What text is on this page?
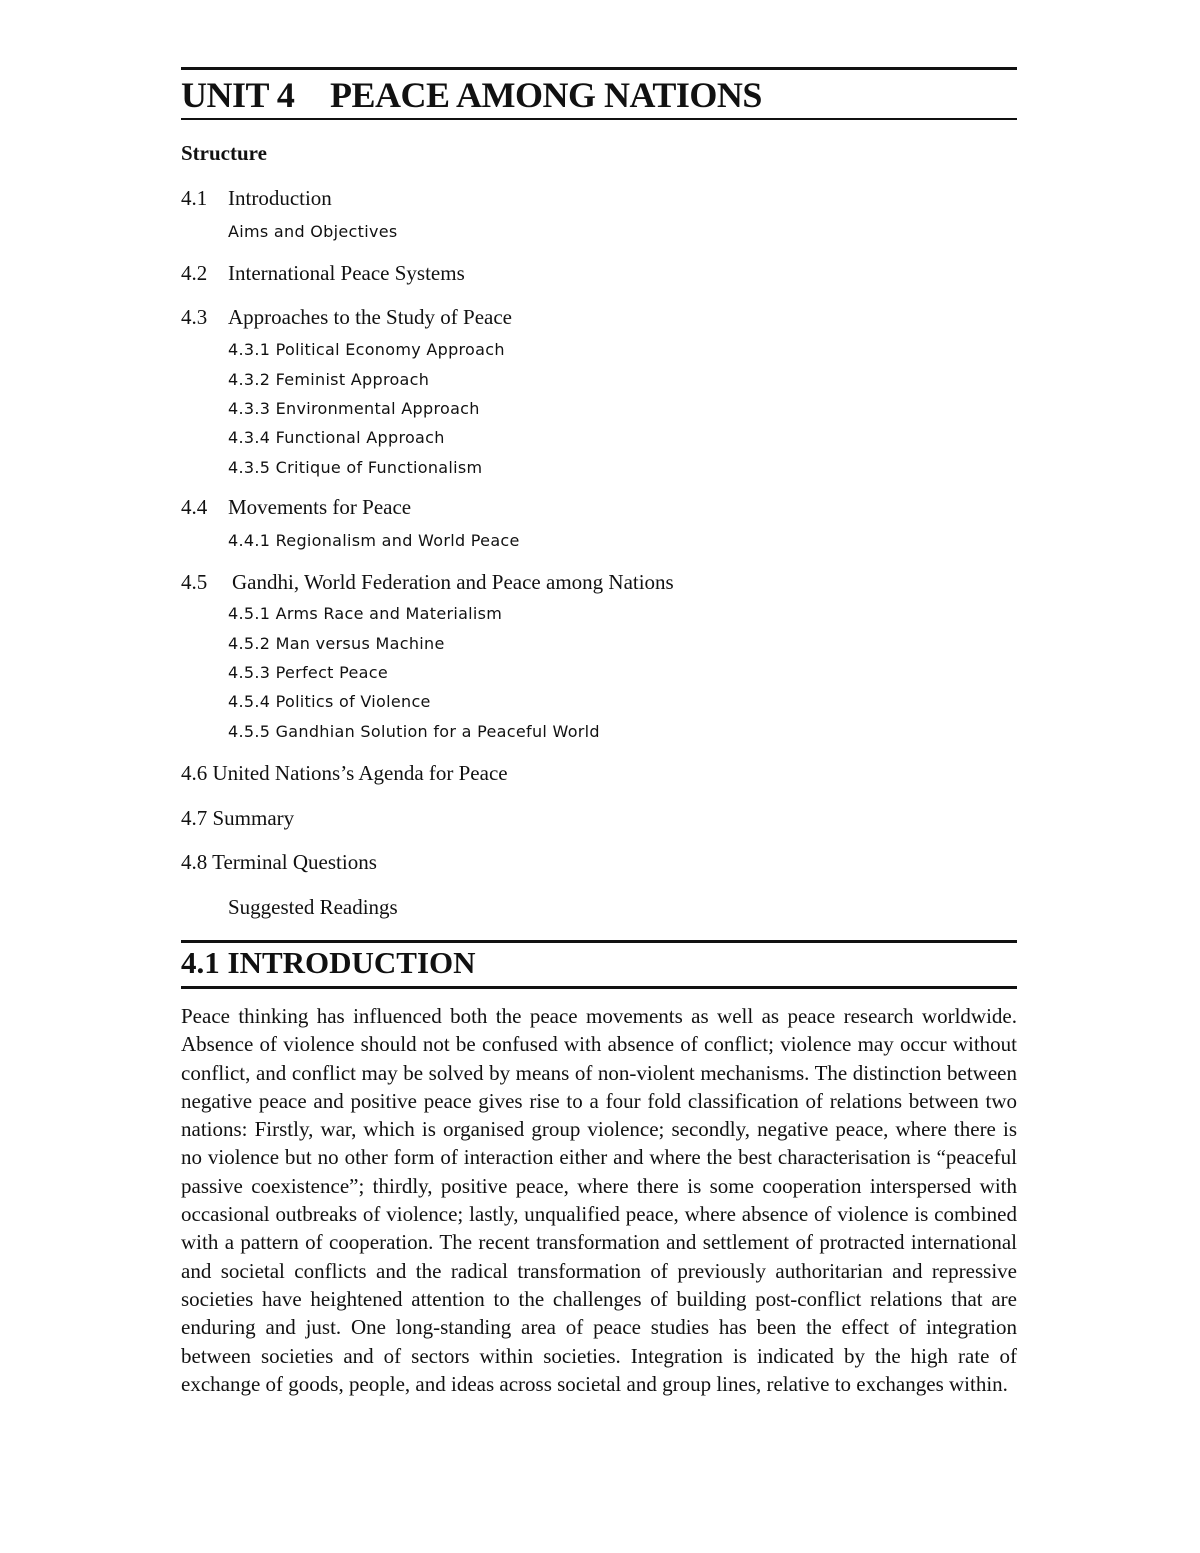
UNIT 4 PEACE AMONG NATIONS
Structure
4.1 Introduction
Aims and Objectives
4.2 International Peace Systems
4.3 Approaches to the Study of Peace
4.3.1 Political Economy Approach
4.3.2 Feminist Approach
4.3.3 Environmental Approach
4.3.4 Functional Approach
4.3.5 Critique of Functionalism
4.4 Movements for Peace
4.4.1 Regionalism and World Peace
4.5 Gandhi, World Federation and Peace among Nations
4.5.1 Arms Race and Materialism
4.5.2 Man versus Machine
4.5.3 Perfect Peace
4.5.4 Politics of Violence
4.5.5 Gandhian Solution for a Peaceful World
4.6 United Nations’s Agenda for Peace
4.7 Summary
4.8 Terminal Questions
Suggested Readings
4.1 INTRODUCTION

Peace thinking has influenced both the peace movements as well as peace research worldwide. Absence of violence should not be confused with absence of conflict; violence may occur without conflict, and conflict may be solved by means of non-violent mechanisms. The distinction between negative peace and positive peace gives rise to a four fold classification of relations between two nations: Firstly, war, which is organised group violence; secondly, negative peace, where there is no violence but no other form of interaction either and where the best characterisation is “peaceful passive coexistence”; thirdly, positive peace, where there is some cooperation interspersed with occasional outbreaks of violence; lastly, unqualified peace, where absence of violence is combined with a pattern of cooperation. The recent transformation and settlement of protracted international and societal conflicts and the radical transformation of previously authoritarian and repressive societies have heightened attention to the challenges of building post-conflict relations that are enduring and just. One long-standing area of peace studies has been the effect of integration between societies and of sectors within societies. Integration is indicated by the high rate of exchange of goods, people, and ideas across societal and group lines, relative to exchanges within.
